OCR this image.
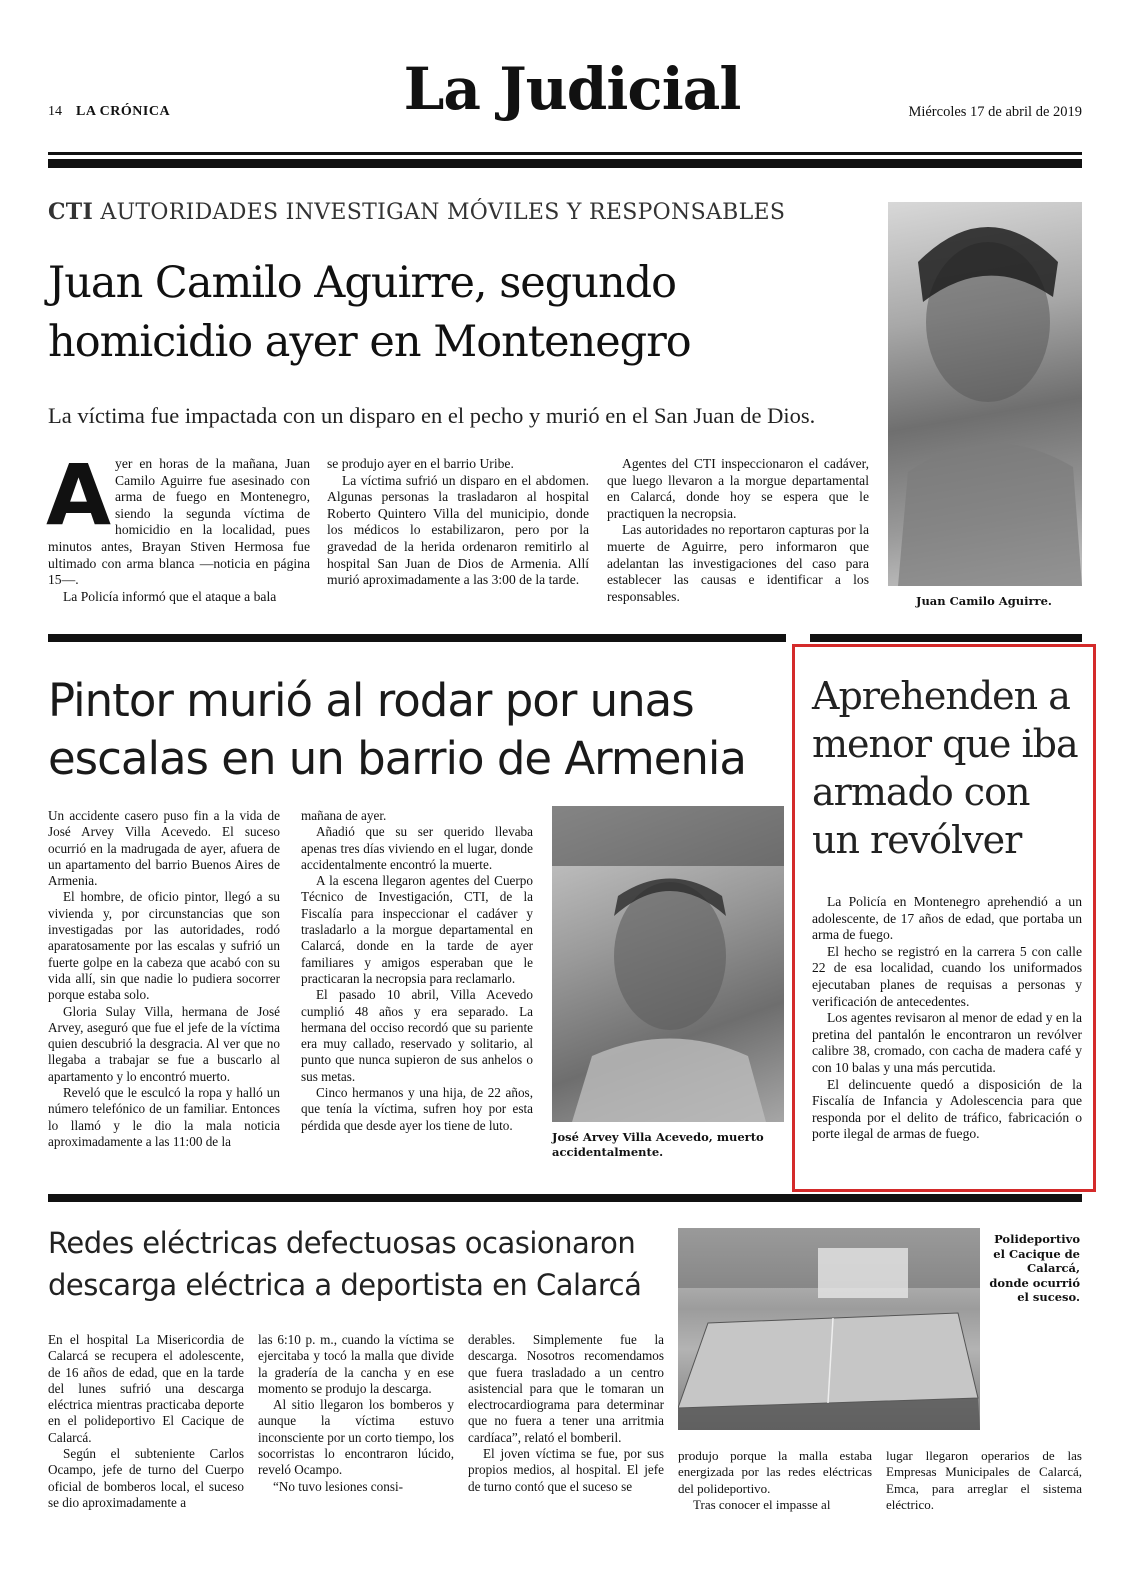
14 LA CRÓNICA	La Judicial	Miércoles 17 de abril de 2019
CTI AUTORIDADES INVESTIGAN MÓVILES Y RESPONSABLES
Juan Camilo Aguirre, segundo
homicidio ayer en Montenegro
La víctima fue impactada con un disparo en el pecho y murió en el San Juan de Dios.
A yer en horas de la mañana, Juan Camilo Aguirre fue asesinado con arma de fuego en Montenegro, siendo la segunda víctima de homicidio en la localidad, pues minutos antes, Brayan Stiven Hermosa fue ultimado con arma blanca —noticia en página 15—.

La Policía informó que el ataque a bala

se produjo ayer en el barrio Uribe.

La víctima sufrió un disparo en el abdomen. Algunas personas la trasladaron al hospital Roberto Quintero Villa del municipio, donde los médicos lo estabilizaron, pero por la gravedad de la herida ordenaron remitirlo al hospital San Juan de Dios de Armenia. Allí murió aproximadamente a las 3:00 de la tarde.

Agentes del CTI inspeccionaron el cadáver, que luego llevaron a la morgue departamental en Calarcá, donde hoy se espera que le practiquen la necropsia.

Las autoridades no reportaron capturas por la muerte de Aguirre, pero informaron que adelantan las investigaciones del caso para establecer las causas e identificar a los responsables.	Juan Camilo Aguirre.
Pintor murió al rodar por unas
escalas en un barrio de Armenia

Un accidente casero puso fin a la vida de José Arvey Villa Acevedo. El suceso ocurrió en la madrugada de ayer, afuera de un apartamento del barrio Buenos Aires de Armenia.

El hombre, de oficio pintor, llegó a su vivienda y, por circunstancias que son investigadas por las autoridades, rodó aparatosamente por las escalas y sufrió un fuerte golpe en la cabeza que acabó con su vida allí, sin que nadie lo pudiera socorrer porque estaba solo.

Gloria Sulay Villa, hermana de José Arvey, aseguró que fue el jefe de la víctima quien descubrió la desgracia. Al ver que no llegaba a trabajar se fue a buscarlo al apartamento y lo encontró muerto.

Reveló que le esculcó la ropa y halló un número telefónico de un familiar. Entonces lo llamó y le dio la mala noticia aproximadamente a las 11:00 de la

mañana de ayer.

Añadió que su ser querido llevaba apenas tres días viviendo en el lugar, donde accidentalmente encontró la muerte.

A la escena llegaron agentes del Cuerpo Técnico de Investigación, CTI, de la Fiscalía para inspeccionar el cadáver y trasladarlo a la morgue departamental en Calarcá, donde en la tarde de ayer familiares y amigos esperaban que le practicaran la necropsia para reclamarlo.

El pasado 10 abril, Villa Acevedo cumplió 48 años y era separado. La hermana del occiso recordó que su pariente era muy callado, reservado y solitario, al punto que nunca supieron de sus anhelos o sus metas.

Cinco hermanos y una hija, de 22 años, que tenía la víctima, sufren hoy por esta pérdida que desde ayer los tiene de luto.

José Arvey Villa Acevedo, muerto accidentalmente.
Aprehenden a
menor que iba
armado con
un revólver

La Policía en Montenegro aprehendió a un adolescente, de 17 años de edad, que portaba un arma de fuego.

El hecho se registró en la carrera 5 con calle 22 de esa localidad, cuando los uniformados ejecutaban planes de requisas a personas y verificación de antecedentes.

Los agentes revisaron al menor de edad y en la pretina del pantalón le encontraron un revólver calibre 38, cromado, con cacha de madera café y con 10 balas y una más percutida.

El delincuente quedó a disposición de la Fiscalía de Infancia y Adolescencia para que responda por el delito de tráfico, fabricación o porte ilegal de armas de fuego.

Redes eléctricas defectuosas ocasionaron
descarga eléctrica a deportista en Calarcá

En el hospital La Misericordia de Calarcá se recupera el adolescente, de 16 años de edad, que en la tarde del lunes sufrió una descarga eléctrica mientras practicaba deporte en el polideportivo El Cacique de Calarcá.

Según el subteniente Carlos Ocampo, jefe de turno del Cuerpo oficial de bomberos local, el suceso se dio aproximadamente a

las 6:10 p. m., cuando la víctima se ejercitaba y tocó la malla que divide la gradería de la cancha y en ese momento se produjo la descarga.

Al sitio llegaron los bomberos y aunque la víctima estuvo inconsciente por un corto tiempo, los socorristas lo encontraron lúcido, reveló Ocampo.

“No tuvo lesiones consi-

derables. Simplemente fue la descarga. Nosotros recomendamos que fuera trasladado a un centro asistencial para que le tomaran un electrocardiograma para determinar que no fuera a tener una arritmia cardíaca”, relató el bomberil.

El joven víctima se fue, por sus propios medios, al hospital. El jefe de turno contó que el suceso se

Polideportivo el Cacique de Calarcá, donde ocurrió el suceso.

produjo porque la malla estaba energizada por las redes eléctricas del polideportivo.

Tras conocer el impasse al

lugar llegaron operarios de las Empresas Municipales de Calarcá, Emca, para arreglar el sistema eléctrico.
